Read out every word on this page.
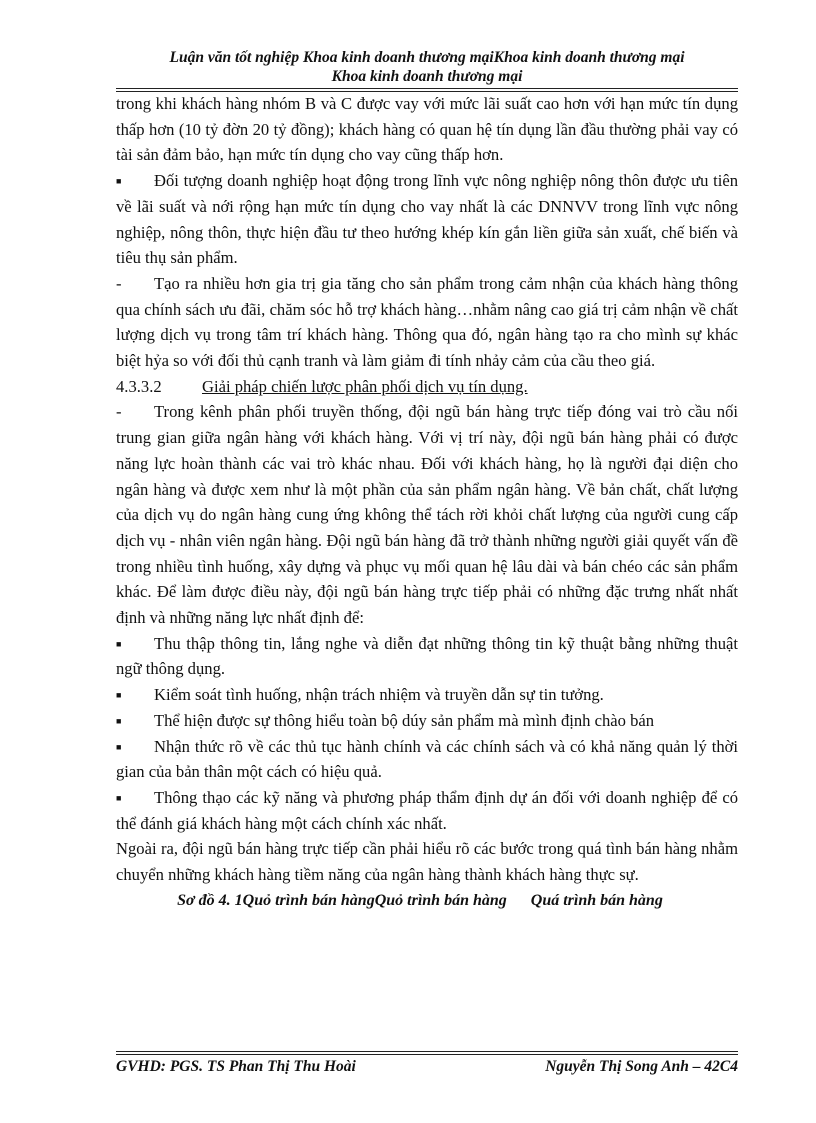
Luận văn tốt nghiệp Khoa kinh doanh thương mạiKhoa kinh doanh thương mại
Khoa kinh doanh thương mại

trong khi khách hàng nhóm B và C được vay với mức lãi suất cao hơn với hạn mức tín dụng thấp hơn (10 tỷ đờn 20 tỷ đồng); khách hàng có quan hệ tín dụng lần đầu thường phải vay có tài sản đảm bảo, hạn mức tín dụng cho vay cũng thấp hơn.

■	Đối tượng doanh nghiệp hoạt động trong lĩnh vực nông nghiệp nông thôn được ưu tiên về lãi suất và nới rộng hạn mức tín dụng cho vay nhất là các DNNVV trong lĩnh vực nông nghiệp, nông thôn, thực hiện đầu tư theo hướng khép kín gắn liền giữa sản xuất, chế biến và tiêu thụ sản phẩm.

-	Tạo ra nhiều hơn gia trị gia tăng cho sản phẩm trong cảm nhận của khách hàng thông qua chính sách ưu đãi, chăm sóc hỗ trợ khách hàng…nhằm nâng cao giá trị cảm nhận về chất lượng dịch vụ trong tâm trí khách hàng. Thông qua đó, ngân hàng tạo ra cho mình sự khác biệt hỷa so với đối thủ cạnh tranh và làm giảm đi tính nhảy cảm của cầu theo giá.

4.3.3.2 Giải pháp chiến lược phân phối dịch vụ tín dụng.

-	Trong kênh phân phối truyền thống, đội ngũ bán hàng trực tiếp đóng vai trò cầu nối trung gian giữa ngân hàng với khách hàng. Với vị trí này, đội ngũ bán hàng phải có được năng lực hoàn thành các vai trò khác nhau. Đối với khách hàng, họ là người đại diện cho ngân hàng và được xem như là một phần của sản phẩm ngân hàng. Về bản chất, chất lượng của dịch vụ do ngân hàng cung ứng không thể tách rời khỏi chất lượng của người cung cấp dịch vụ - nhân viên ngân hàng. Đội ngũ bán hàng đã trở thành những người giải quyết vấn đề trong nhiều tình huống, xây dựng và phục vụ mối quan hệ lâu dài và bán chéo các sản phẩm khác. Để làm được điều này, đội ngũ bán hàng trực tiếp phải có những đặc trưng nhất nhất định và những năng lực nhất định để:

■	Thu thập thông tin, lắng nghe và diễn đạt những thông tin kỹ thuật bằng những thuật ngữ thông dụng.

■	Kiểm soát tình huống, nhận trách nhiệm và truyền dẫn sự tin tưởng.

■	Thể hiện được sự thông hiểu toàn bộ dúy sản phẩm mà mình định chào bán

■	Nhận thức rõ về các thủ tục hành chính và các chính sách và có khả năng quản lý thời gian của bản thân một cách có hiệu quả.

■	Thông thạo các kỹ năng và phương pháp thẩm định dự án đối với doanh nghiệp để có thể đánh giá khách hàng một cách chính xác nhất.

Ngoài ra, đội ngũ bán hàng trực tiếp cần phải hiểu rõ các bước trong quá tình bán hàng nhằm chuyển những khách hàng tiềm năng của ngân hàng thành khách hàng thực sự.

Sơ đồ 4. 1Quỏ trình bán hàngQuỏ trình bán hàng Quá trình bán hàng

GVHD: PGS. TS Phan Thị Thu Hoài	Nguyễn Thị Song Anh – 42C4
